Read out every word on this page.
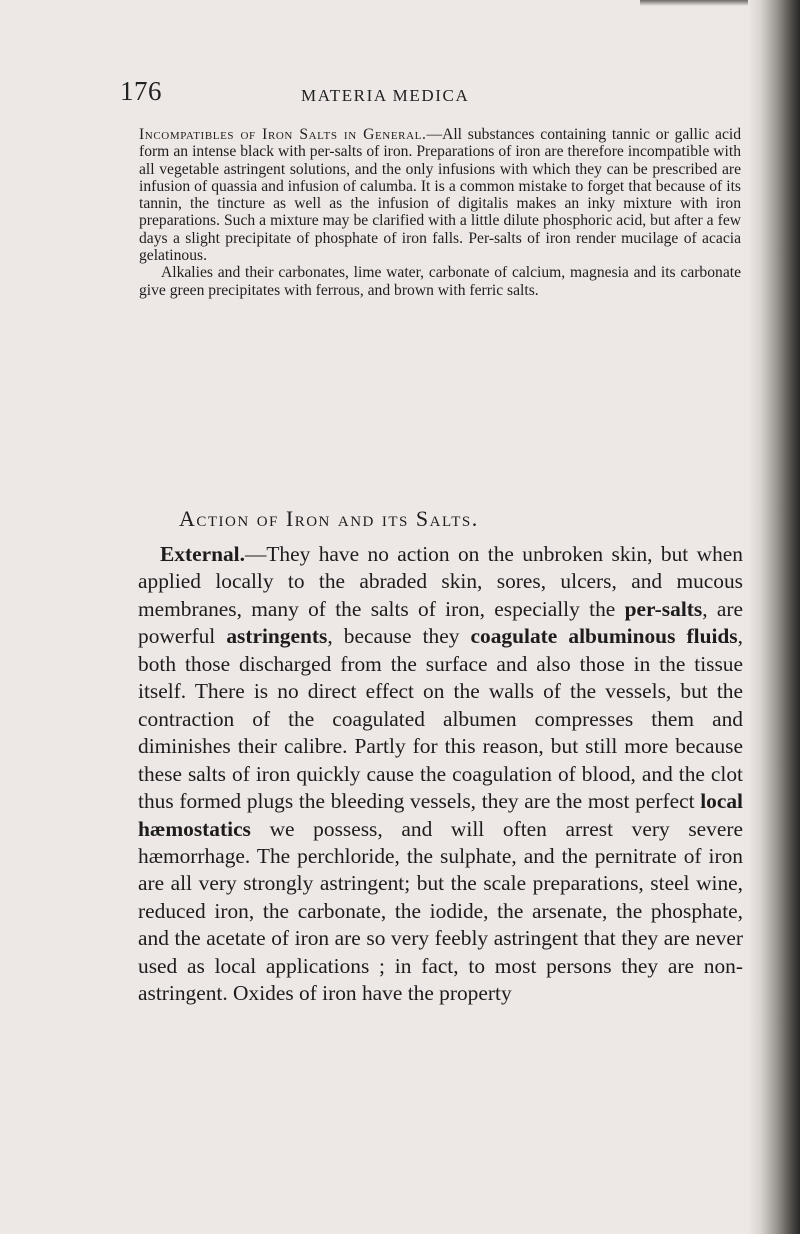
176	MATERIA MEDICA

Incompatibles of Iron Salts in General.—All substances containing tannic or gallic acid form an intense black with per-salts of iron. Preparations of iron are therefore incompatible with all vegetable astringent solutions, and the only infusions with which they can be prescribed are infusion of quassia and infusion of calumba. It is a common mistake to forget that because of its tannin, the tincture as well as the infusion of digitalis makes an inky mixture with iron preparations. Such a mixture may be clarified with a little dilute phosphoric acid, but after a few days a slight precipitate of phosphate of iron falls. Per-salts of iron render mucilage of acacia gelatinous.

Alkalies and their carbonates, lime water, carbonate of calcium, magnesia and its carbonate give green precipitates with ferrous, and brown with ferric salts.

Action of Iron and its Salts.

External.—They have no action on the unbroken skin, but when applied locally to the abraded skin, sores, ulcers, and mucous membranes, many of the salts of iron, especially the per-salts, are powerful astringents, because they coagulate albuminous fluids, both those discharged from the surface and also those in the tissue itself. There is no direct effect on the walls of the vessels, but the contraction of the coagulated albumen compresses them and diminishes their calibre. Partly for this reason, but still more because these salts of iron quickly cause the coagulation of blood, and the clot thus formed plugs the bleeding vessels, they are the most perfect local hæmostatics we possess, and will often arrest very severe hæmorrhage. The perchloride, the sulphate, and the pernitrate of iron are all very strongly astringent; but the scale preparations, steel wine, reduced iron, the carbonate, the iodide, the arsenate, the phosphate, and the acetate of iron are so very feebly astringent that they are never used as local applications ; in fact, to most persons they are non-astringent. Oxides of iron have the property
